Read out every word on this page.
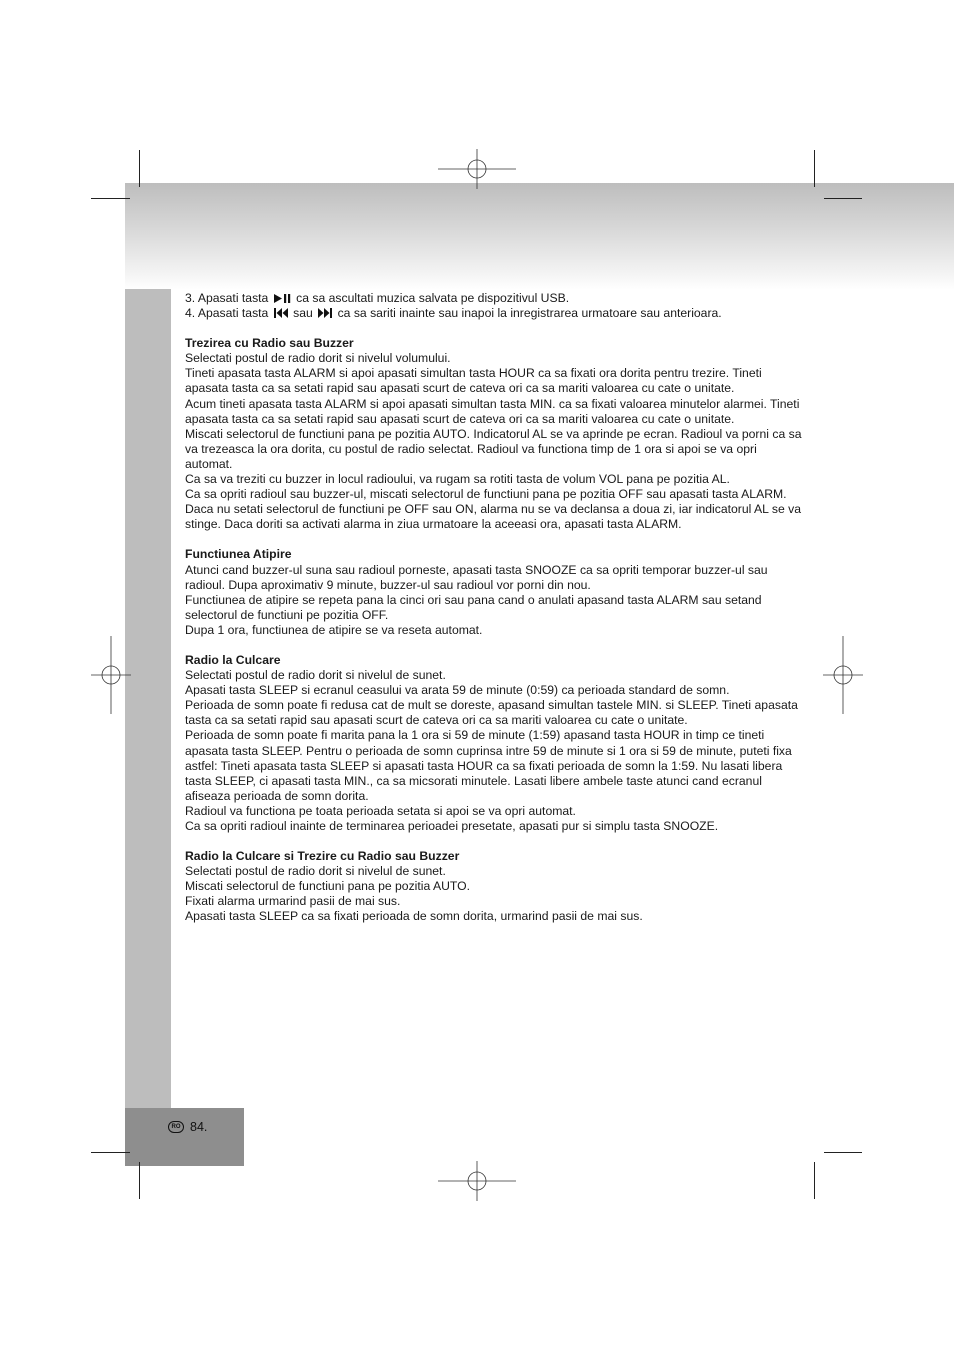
3. Apasati tasta ca sa ascultati muzica salvata pe dispozitivul USB.

4. Apasati tasta sau ca sa sariti inainte sau inapoi la inregistrarea urmatoare sau anterioara.

Trezirea cu Radio sau Buzzer

Selectati postul de radio dorit si nivelul volumului.

Tineti apasata tasta ALARM si apoi apasati simultan tasta HOUR ca sa fixati ora dorita pentru trezire. Tineti apasata tasta ca sa setati rapid sau apasati scurt de cateva ori ca sa mariti valoarea cu cate o unitate.

Acum tineti apasata tasta ALARM si apoi apasati simultan tasta MIN. ca sa fixati valoarea minutelor alarmei. Tineti apasata tasta ca sa setati rapid sau apasati scurt de cateva ori ca sa mariti valoarea cu cate o unitate.

Miscati selectorul de functiuni pana pe pozitia AUTO. Indicatorul AL se va aprinde pe ecran. Radioul va porni ca sa va trezeasca la ora dorita, cu postul de radio selectat. Radioul va functiona timp de 1 ora si apoi se va opri automat.

Ca sa va treziti cu buzzer in locul radioului, va rugam sa rotiti tasta de volum VOL pana pe pozitia AL.

Ca sa opriti radioul sau buzzer-ul, miscati selectorul de functiuni pana pe pozitia OFF sau apasati tasta ALARM.

Daca nu setati selectorul de functiuni pe OFF sau ON, alarma nu se va declansa a doua zi, iar indicatorul AL se va stinge. Daca doriti sa activati alarma in ziua urmatoare la aceeasi ora, apasati tasta ALARM.

Functiunea Atipire

Atunci cand buzzer-ul suna sau radioul porneste, apasati tasta SNOOZE ca sa opriti temporar buzzer-ul sau radioul. Dupa aproximativ 9 minute, buzzer-ul sau radioul vor porni din nou.

Functiunea de atipire se repeta pana la cinci ori sau pana cand o anulati apasand tasta ALARM sau setand selectorul de functiuni pe pozitia OFF.

Dupa 1 ora, functiunea de atipire se va reseta automat.

Radio la Culcare

Selectati postul de radio dorit si nivelul de sunet.

Apasati tasta SLEEP si ecranul ceasului va arata 59 de minute (0:59) ca perioada standard de somn.

Perioada de somn poate fi redusa cat de mult se doreste, apasand simultan tastele MIN. si SLEEP. Tineti apasata tasta ca sa setati rapid sau apasati scurt de cateva ori ca sa mariti valoarea cu cate o unitate.

Perioada de somn poate fi marita pana la 1 ora si 59 de minute (1:59) apasand tasta HOUR in timp ce tineti apasata tasta SLEEP. Pentru o perioada de somn cuprinsa intre 59 de minute si 1 ora si 59 de minute, puteti fixa astfel: Tineti apasata tasta SLEEP si apasati tasta HOUR ca sa fixati perioada de somn la 1:59. Nu lasati libera tasta SLEEP, ci apasati tasta MIN., ca sa micsorati minutele. Lasati libere ambele taste atunci cand ecranul afiseaza perioada de somn dorita.

Radioul va functiona pe toata perioada setata si apoi se va opri automat.

Ca sa opriti radioul inainte de terminarea perioadei presetate, apasati pur si simplu tasta SNOOZE.

Radio la Culcare si Trezire cu Radio sau Buzzer

Selectati postul de radio dorit si nivelul de sunet.

Miscati selectorul de functiuni pana pe pozitia AUTO.

Fixati alarma urmarind pasii de mai sus.

Apasati tasta SLEEP ca sa fixati perioada de somn dorita, urmarind pasii de mai sus.

RO 84.
